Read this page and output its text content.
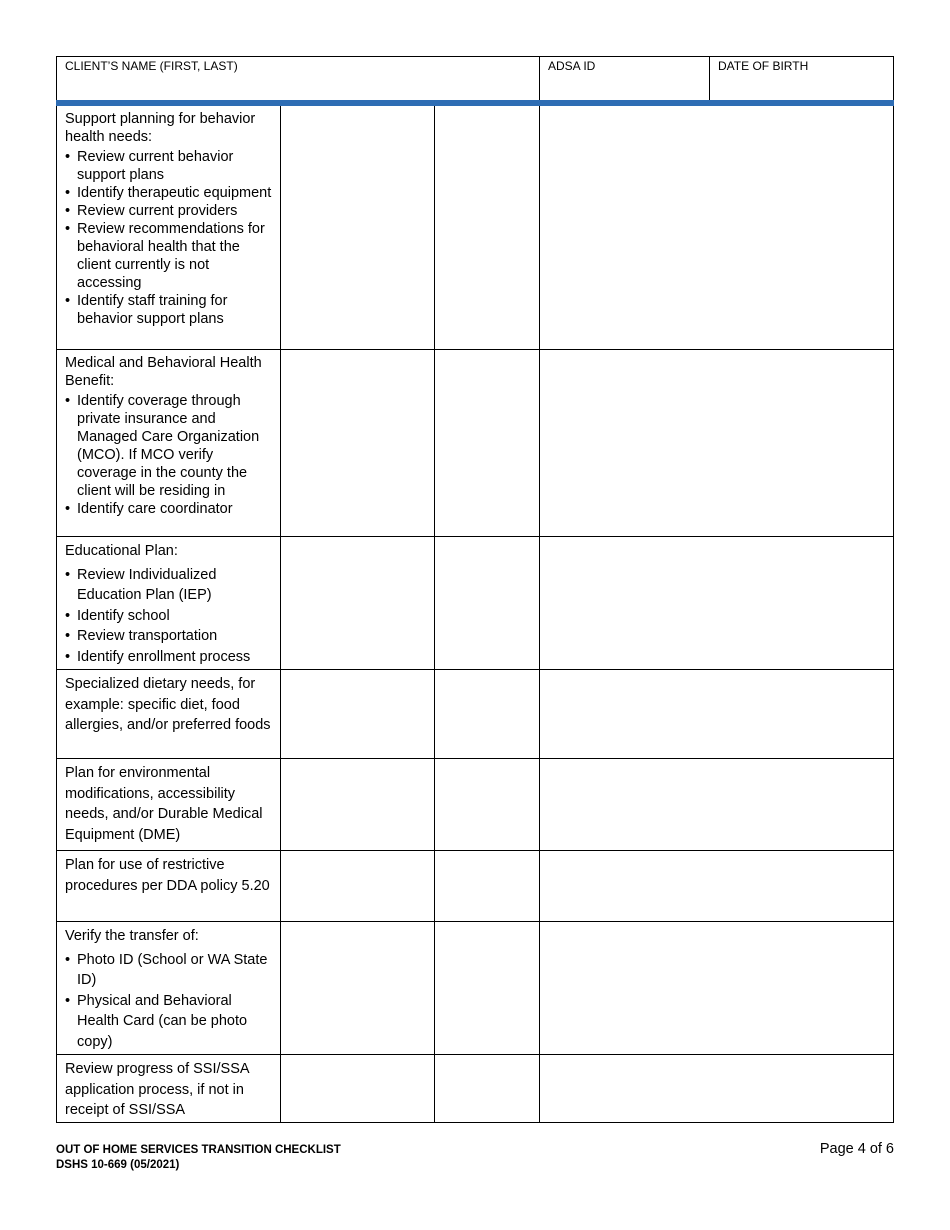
CLIENT’S NAME (FIRST, LAST)	ADSA ID	DATE OF BIRTH
Support planning for behavior health needs:
• Review current behavior support plans
• Identify therapeutic equipment
• Review current providers
• Review recommendations for behavioral health that the client currently is not accessing
• Identify staff training for behavior support plans
Medical and Behavioral Health Benefit:
• Identify coverage through private insurance and Managed Care Organization (MCO). If MCO verify coverage in the county the client will be residing in
• Identify care coordinator
Educational Plan:
• Review Individualized Education Plan (IEP)
• Identify school
• Review transportation
• Identify enrollment process
Specialized dietary needs, for example: specific diet, food allergies, and/or preferred foods
Plan for environmental modifications, accessibility needs, and/or Durable Medical Equipment (DME)
Plan for use of restrictive procedures per DDA policy 5.20
Verify the transfer of:
• Photo ID (School or WA State ID)
• Physical and Behavioral Health Card (can be photo copy)
Review progress of SSI/SSA application process, if not in receipt of SSI/SSA
OUT OF HOME SERVICES TRANSITION CHECKLIST
DSHS 10-669 (05/2021)
Page 4 of 6
